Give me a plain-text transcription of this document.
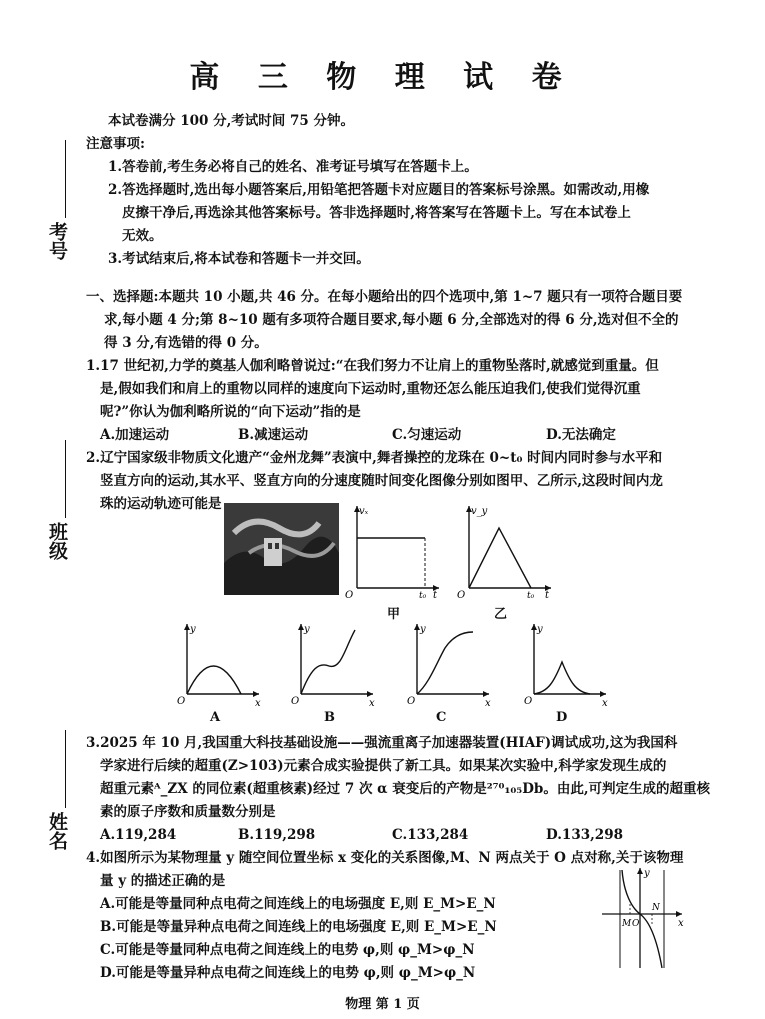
高 三 物 理 试 卷
考号
班级
姓名
本试卷满分 100 分,考试时间 75 分钟。
注意事项:
1.答卷前,考生务必将自己的姓名、准考证号填写在答题卡上。
2.答选择题时,选出每小题答案后,用铅笔把答题卡对应题目的答案标号涂黑。如需改动,用橡
皮擦干净后,再选涂其他答案标号。答非选择题时,将答案写在答题卡上。写在本试卷上
无效。
3.考试结束后,将本试卷和答题卡一并交回。
一、选择题:本题共 10 小题,共 46 分。在每小题给出的四个选项中,第 1~7 题只有一项符合题目要
求,每小题 4 分;第 8~10 题有多项符合题目要求,每小题 6 分,全部选对的得 6 分,选对但不全的
得 3 分,有选错的得 0 分。
1.17 世纪初,力学的奠基人伽利略曾说过:“在我们努力不让肩上的重物坠落时,就感觉到重量。但
是,假如我们和肩上的重物以同样的速度向下运动时,重物还怎么能压迫我们,使我们觉得沉重
呢?”你认为伽利略所说的“向下运动”指的是
A.加速运动	B.减速运动	C.匀速运动	D.无法确定
2.辽宁国家级非物质文化遗产“金州龙舞”表演中,舞者操控的龙珠在 0~t₀ 时间内同时参与水平和
竖直方向的运动,其水平、竖直方向的分速度随时间变化图像分别如图甲、乙所示,这段时间内龙
珠的运动轨迹可能是	vₓ
O	t₀ t
甲
v_y
O	t₀ t
乙
y
x
O
A
y
x
O
B
y
x
O
C
y
x
O
D
3.2025 年 10 月,我国重大科技基础设施——强流重离子加速器装置(HIAF)调试成功,这为我国科
学家进行后续的超重(Z>103)元素合成实验提供了新工具。如果某次实验中,科学家发现生成的
超重元素ᴬ_ZX 的同位素(超重核素)经过 7 次 α 衰变后的产物是²⁷⁰₁₀₅Db。由此,可判定生成的超重核
素的原子序数和质量数分别是
A.119,284	B.119,298	C.133,284	D.133,298
4.如图所示为某物理量 y 随空间位置坐标 x 变化的关系图像,M、N 两点关于 O 点对称,关于该物理
量 y 的描述正确的是
A.可能是等量同种点电荷之间连线上的电场强度 E,则 E_M>E_N
B.可能是等量异种点电荷之间连线上的电场强度 E,则 E_M>E_N
C.可能是等量同种点电荷之间连线上的电势 φ,则 φ_M>φ_N
D.可能是等量异种点电荷之间连线上的电势 φ,则 φ_M>φ_N
y
x
M O
N
物理 第 1 页
